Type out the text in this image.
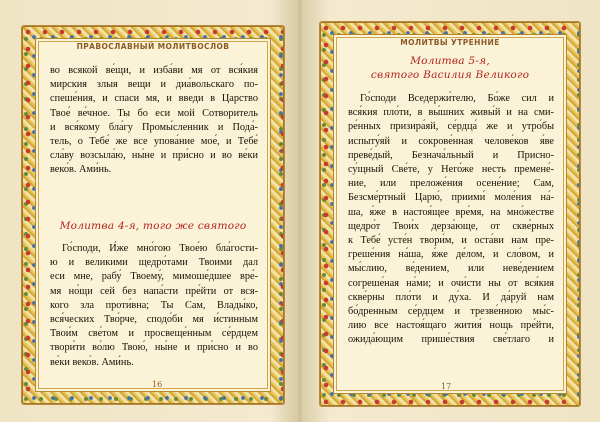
ПРАВОСЛАВНЫЙ МОЛИТВОСЛОВ
во всякой ве́щи, и изба́ви мя от вся́кия
мирския злыя вещи и диа́вольскаго по-
спеше́ния, и спаси мя, и введи в Царство
Твое́ ве́чное. Ты бо еси мой Сотворитель
и вся́кому бла́гу Промы́сленник и Пода́-
тель, о Тебе́ же все упова́ние мое́, и Тебе́
сла́ву возсыла́ю, ны́не и при́сно и во ве́ки
веко́в. Ами́нь.
Молитва 4-я, того же святого
Го́споди, И́же мно́гою Твое́ю бла́гости-
ю и великими щедро́тами Твоими дал
еси мне, рабу́ Твоему́, мимоше́дшее вре́-
мя но́щи сей без напа́сти пре́йти от вся-
кого зла проти́вна; Ты Сам, Влады́ко,
вся́ческих Тво́рче, сподо́би мя и́стинным
Твои́м све́том и просвеще́нным се́рдцем
твори́ти во́лю Твою́, ны́не и при́сно и во
ве́ки веко́в. Ами́нь.
16
МОЛИТВЫ УТРЕННИЕ
Молитва 5-я,
святого Василия Великого
Го́споди Вседержи́телю, Бо́же сил и
вся́кия пло́ти, в вы́шних живы́й и на сми-
ре́нных призира́яй, се́рдца́ же и утро́бы
испыту́яй и сокрове́нная челове́ков я́ве
преве́дый, Безнача́льный и Присно-
су́щный Све́те, у Него́же несть премене́-
ние, или преложе́ния осене́ние; Сам,
Безсме́ртный Царю́, приими́ моле́ния на́-
ша, я́же в настоя́щее вре́мя, на мно́жестве
щедро́т Твои́х дерза́юще, от скве́рных
к Тебе́ усте́н твори́м, и оста́ви нам пре-
греше́ния на́ша, я́же де́лом, и сло́вом, и
мы́слию, ве́дением, или неве́дением
согреше́ная на́ми; и очи́сти ны от вся́кия
скве́рны пло́ти и ду́ха. И да́руй нам
бо́дренным се́рдцем и трезве́нною мы́с-
лию все настоя́щаго жития́ нощь пре́йти,
ожида́ющим прише́ствия све́тлаго и
17
